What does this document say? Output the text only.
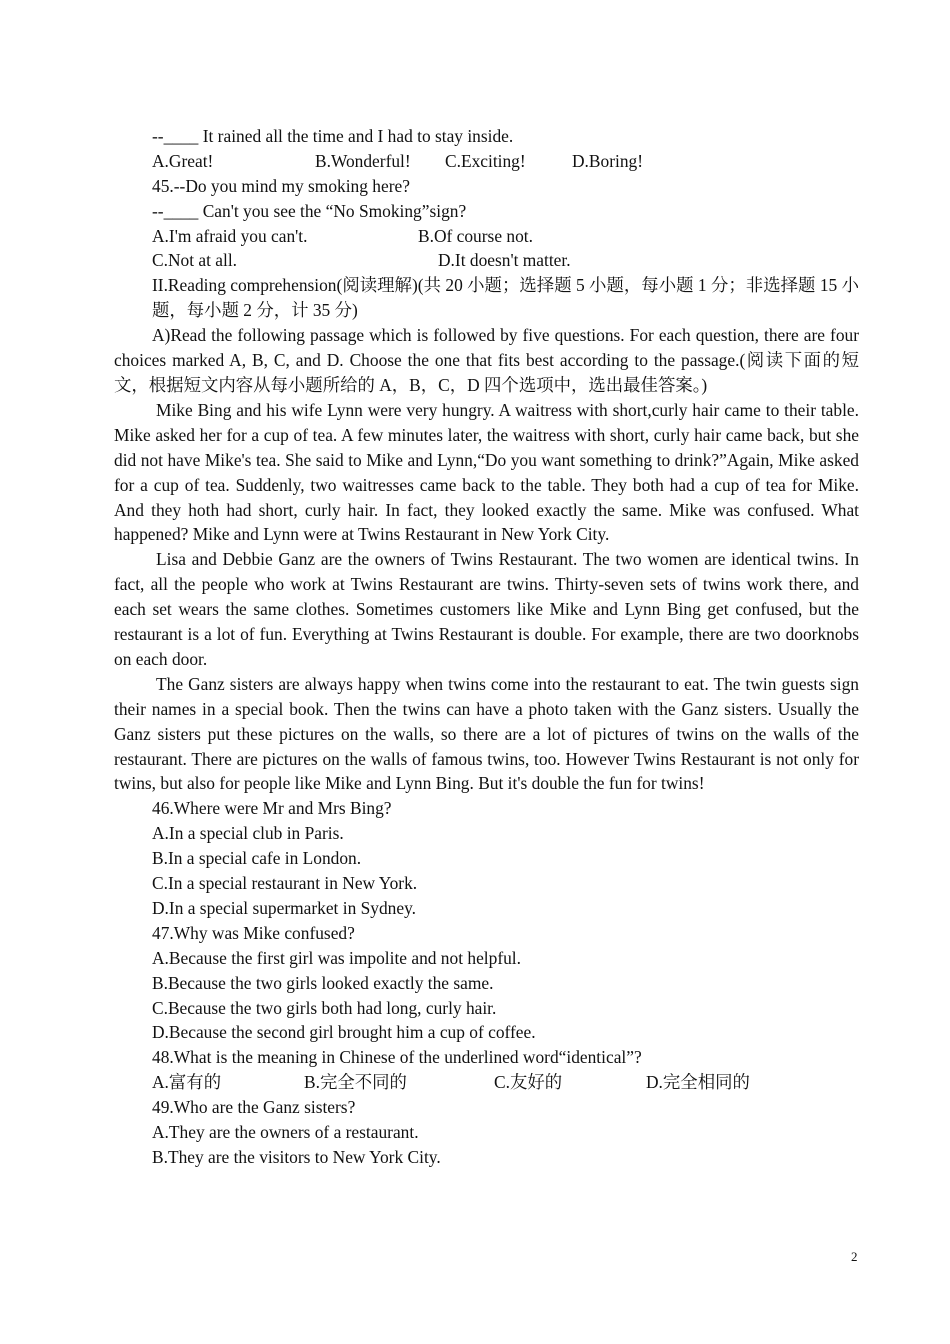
--____ It rained all the time and I had to stay inside.
A.Great!	B.Wonderful!	C.Exciting!	D.Boring!
45.--Do you mind my smoking here?
--____ Can't you see the “No Smoking”sign?
A.I'm afraid you can't.	B.Of course not.
C.Not at all.	D.It doesn't matter.
II.Reading comprehension(阅读理解)(共 20 小题；选择题 5 小题，每小题 1 分；非选择题 15 小题，每小题 2 分，计 35 分)
A)Read the following passage which is followed by five questions. For each question, there are four choices marked A, B, C, and D. Choose the one that fits best according to the passage.(阅读下面的短文，根据短文内容从每小题所给的 A，B，C，D 四个选项中，选出最佳答案。)
Mike Bing and his wife Lynn were very hungry. A waitress with short,curly hair came to their table. Mike asked her for a cup of tea. A few minutes later, the waitress with short, curly hair came back, but she did not have Mike's tea. She said to Mike and Lynn,“Do you want something to drink?”Again, Mike asked for a cup of tea. Suddenly, two waitresses came back to the table. They both had a cup of tea for Mike. And they hoth had short, curly hair. In fact, they looked exactly the same. Mike was confused. What happened? Mike and Lynn were at Twins Restaurant in New York City.
Lisa and Debbie Ganz are the owners of Twins Restaurant. The two women are identical twins. In fact, all the people who work at Twins Restaurant are twins. Thirty-seven sets of twins work there, and each set wears the same clothes. Sometimes customers like Mike and Lynn Bing get confused, but the restaurant is a lot of fun. Everything at Twins Restaurant is double. For example, there are two doorknobs on each door.
The Ganz sisters are always happy when twins come into the restaurant to eat. The twin guests sign their names in a special book. Then the twins can have a photo taken with the Ganz sisters. Usually the Ganz sisters put these pictures on the walls, so there are a lot of pictures of twins on the walls of the restaurant. There are pictures on the walls of famous twins, too. However Twins Restaurant is not only for twins, but also for people like Mike and Lynn Bing. But it's double the fun for twins!
46.Where were Mr and Mrs Bing?
A.In a special club in Paris.
B.In a special cafe in London.
C.In a special restaurant in New York.
D.In a special supermarket in Sydney.
47.Why was Mike confused?
A.Because the first girl was impolite and not helpful.
B.Because the two girls looked exactly the same.
C.Because the two girls both had long, curly hair.
D.Because the second girl brought him a cup of coffee.
48.What is the meaning in Chinese of the underlined word“identical”?
A.富有的	B.完全不同的	C.友好的	D.完全相同的
49.Who are the Ganz sisters?
A.They are the owners of a restaurant.
B.They are the visitors to New York City.
2
